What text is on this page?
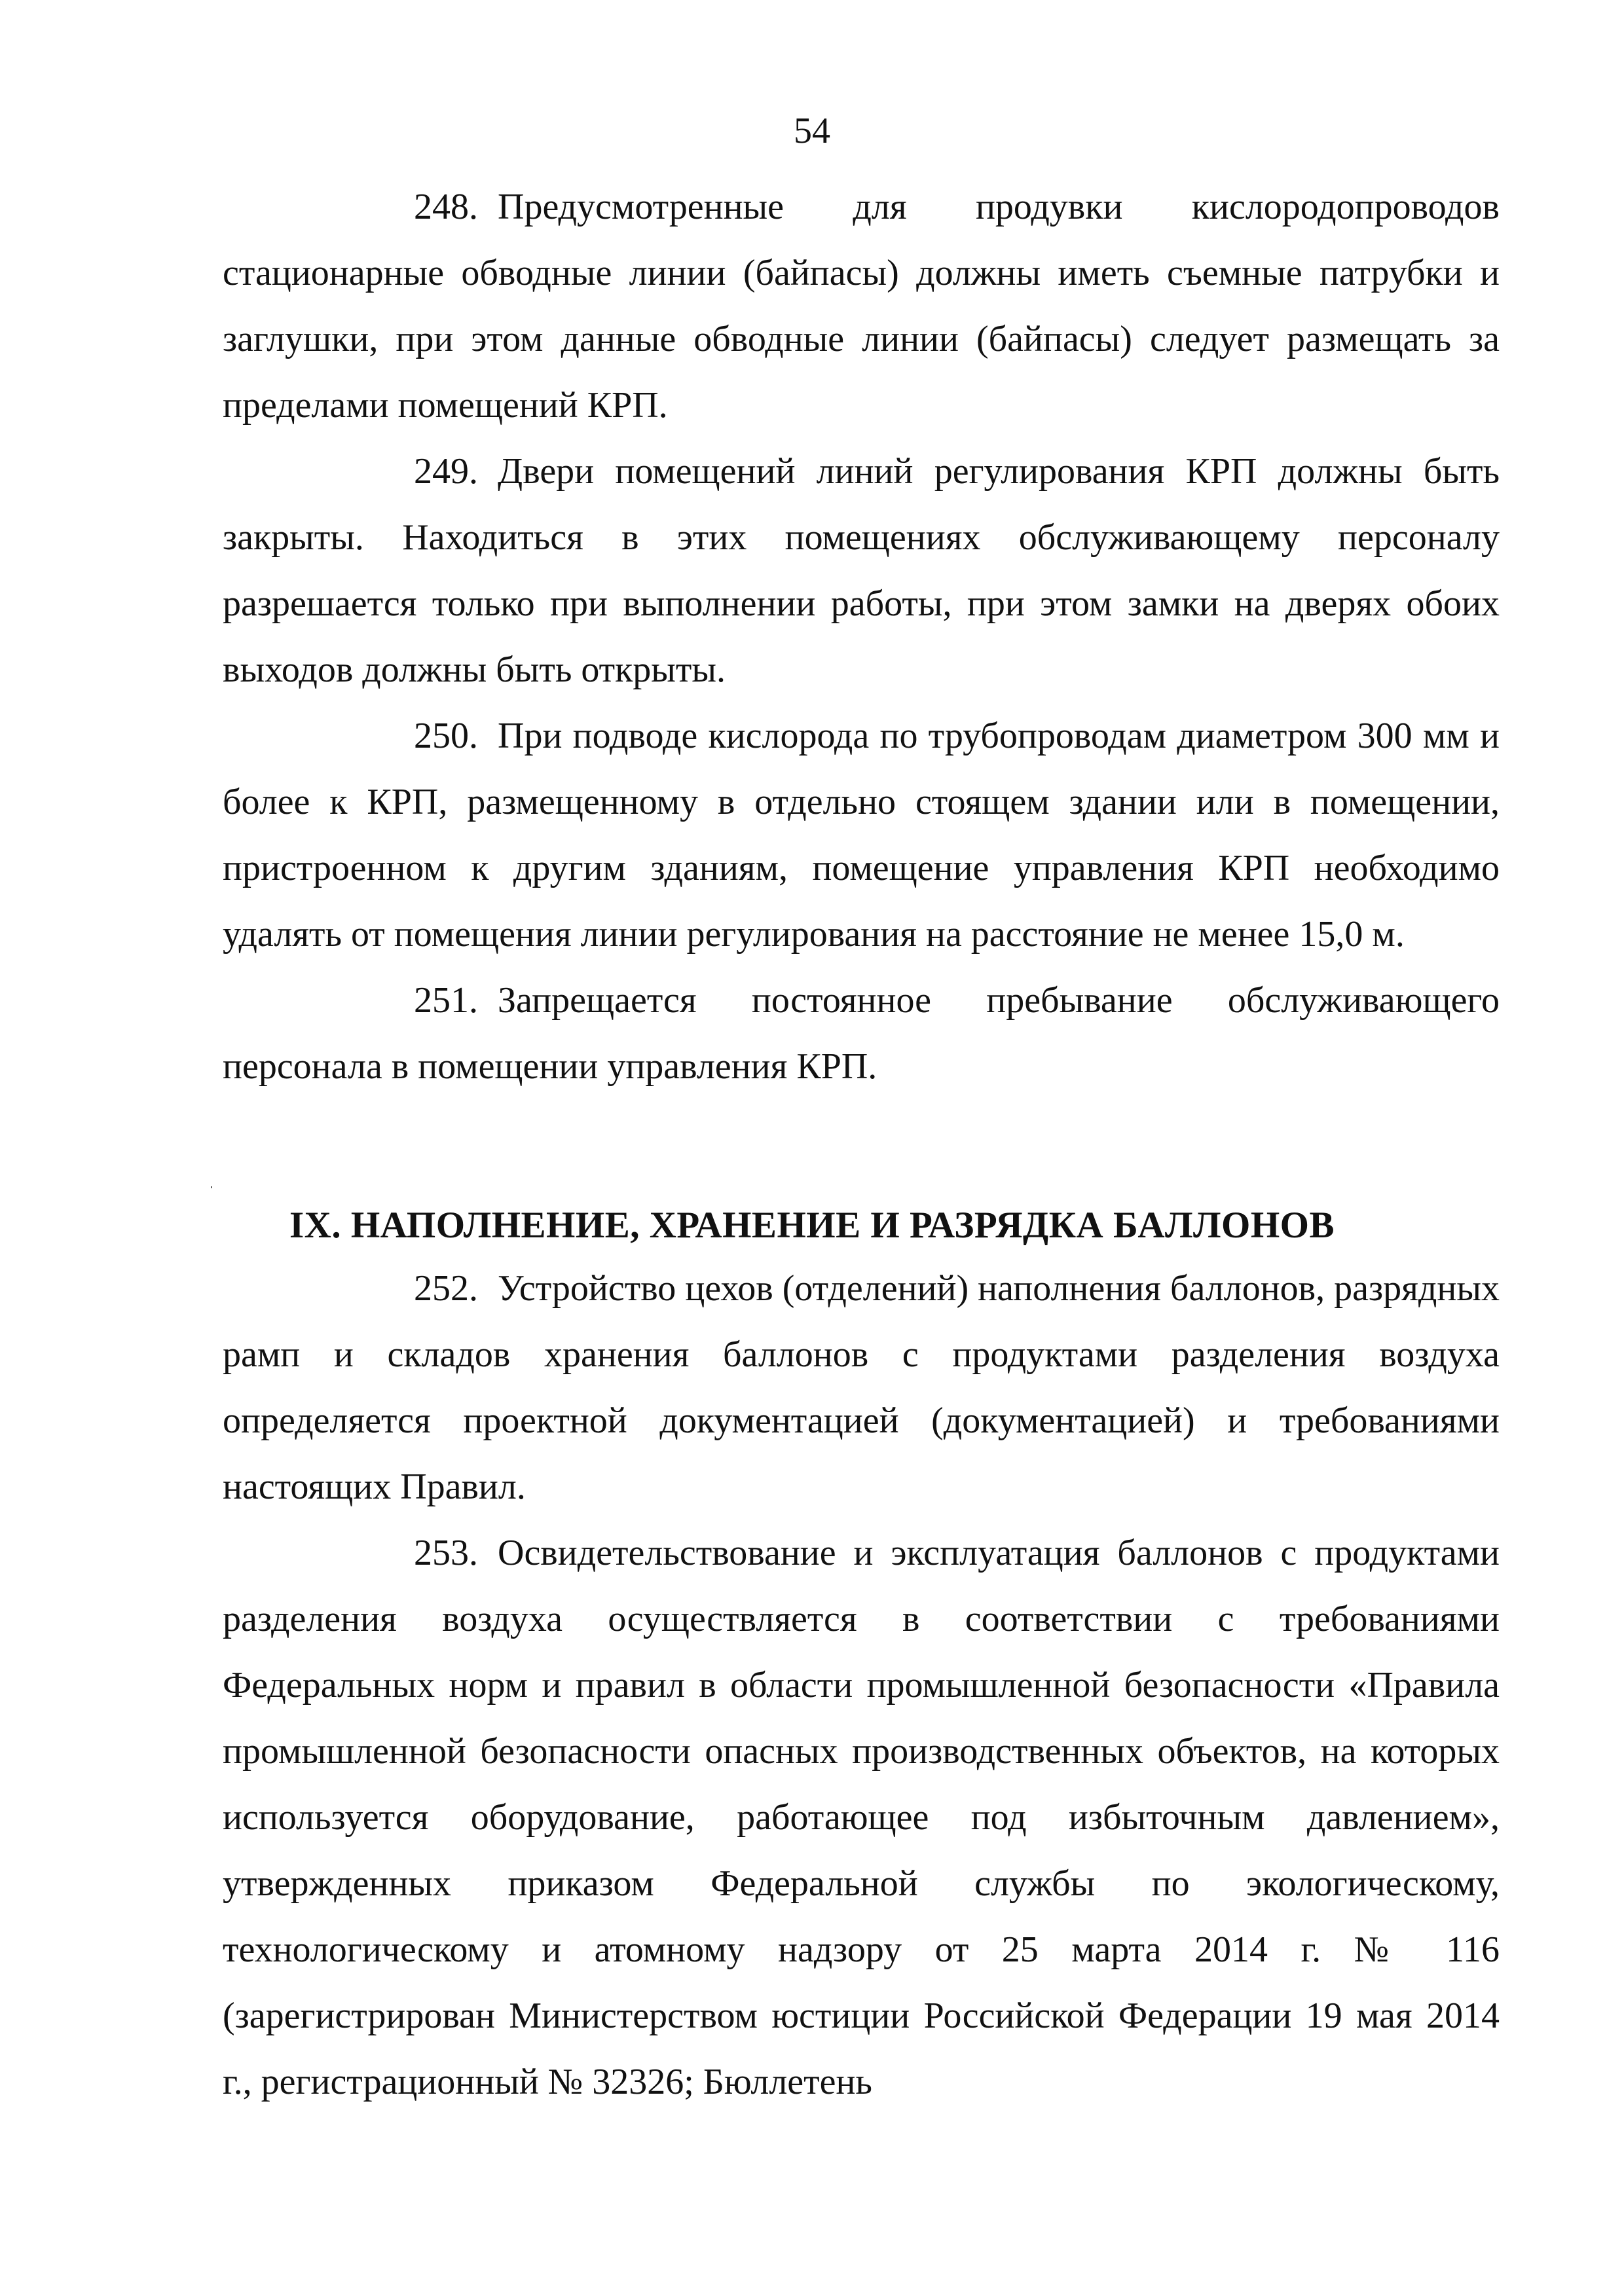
54

248. Предусмотренные для продувки кислородопроводов стационарные обводные линии (байпасы) должны иметь съемные патрубки и заглушки, при этом данные обводные линии (байпасы) следует размещать за пределами помещений КРП.

249. Двери помещений линий регулирования КРП должны быть закрыты. Находиться в этих помещениях обслуживающему персоналу разрешается только при выполнении работы, при этом замки на дверях обоих выходов должны быть открыты.

250. При подводе кислорода по трубопроводам диаметром 300 мм и более к КРП, размещенному в отдельно стоящем здании или в помещении, пристроенном к другим зданиям, помещение управления КРП необходимо удалять от помещения линии регулирования на расстояние не менее 15,0 м.

251. Запрещается постоянное пребывание обслуживающего персонала в помещении управления КРП.

IX. НАПОЛНЕНИЕ, ХРАНЕНИЕ И РАЗРЯДКА БАЛЛОНОВ

252. Устройство цехов (отделений) наполнения баллонов, разрядных рамп и складов хранения баллонов с продуктами разделения воздуха определяется проектной документацией (документацией) и требованиями настоящих Правил.

253. Освидетельствование и эксплуатация баллонов с продуктами разделения воздуха осуществляется в соответствии с требованиями Федеральных норм и правил в области промышленной безопасности «Правила промышленной безопасности опасных производственных объектов, на которых используется оборудование, работающее под избыточным давлением», утвержденных приказом Федеральной службы по экологическому, технологическому и атомному надзору от 25 марта 2014 г. № 116 (зарегистрирован Министерством юстиции Российской Федерации 19 мая 2014 г., регистрационный № 32326; Бюллетень
